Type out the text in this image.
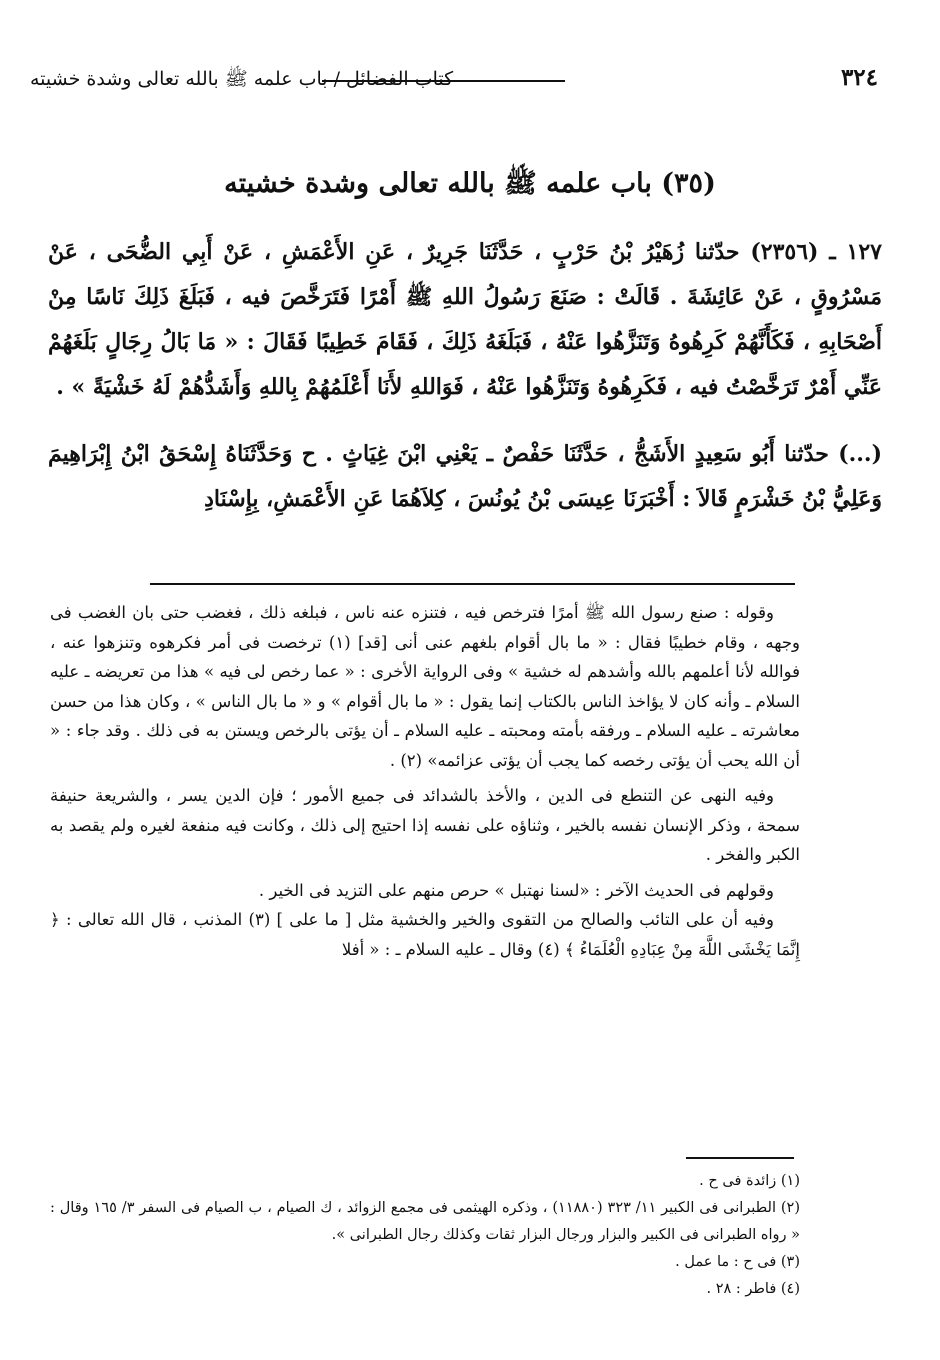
٣٢٤
كتاب الفضائل / باب علمه ﷺ بالله تعالى وشدة خشيته
(٣٥) باب علمه ﷺ بالله تعالى وشدة خشيته

١٢٧ ـ (٢٣٥٦) حدّثنا زُهَيْرُ بْنُ حَرْبٍ ، حَدَّثَنَا جَرِيرٌ ، عَنِ الأَعْمَشِ ، عَنْ أَبِي الضُّحَى ، عَنْ مَسْرُوقٍ ، عَنْ عَائِشَةَ . قَالَتْ : صَنَعَ رَسُولُ اللهِ ﷺ أَمْرًا فَتَرَخَّصَ فيه ، فَبَلَغَ ذَلِكَ نَاسًا مِنْ أَصْحَابِهِ ، فَكَأَنَّهُمْ كَرِهُوهُ وَتَنَزَّهُوا عَنْهُ ، فَبَلَغَهُ ذَلِكَ ، فَقَامَ خَطِيبًا فَقَالَ : « مَا بَالُ رِجَالٍ بَلَغَهُمْ عَنِّي أَمْرٌ تَرَخَّصْتُ فيه ، فَكَرِهُوهُ وَتَنَزَّهُوا عَنْهُ ، فَوَاللهِ لأَنَا أَعْلَمُهُمْ بِاللهِ وَأَشَدُّهُمْ لَهُ خَشْيَةً » .

(...) حدّثنا أَبُو سَعِيدٍ الأَشَجُّ ، حَدَّثَنَا حَفْصٌ ـ يَعْنِي ابْنَ غِيَاثٍ . ح وَحَدَّثَنَاهُ إِسْحَقُ ابْنُ إِبْرَاهِيمَ وَعَلِيُّ بْنُ خَشْرَمٍ قَالاَ : أَخْبَرَنَا عِيسَى بْنُ يُونُسَ ، كِلاَهُمَا عَنِ الأَعْمَشِ، بِإِسْنَادِ

وقوله : صنع رسول الله ﷺ أمرًا فترخص فيه ، فتنزه عنه ناس ، فبلغه ذلك ، فغضب حتى بان الغضب فى وجهه ، وقام خطيبًا فقال : « ما بال أقوام بلغهم عنى أنى [قد] (١) ترخصت فى أمر فكرهوه وتنزهوا عنه ، فوالله لأنا أعلمهم بالله وأشدهم له خشية » وفى الرواية الأخرى : « عما رخص لى فيه » هذا من تعريضه ـ عليه السلام ـ وأنه كان لا يؤاخذ الناس بالكتاب إنما يقول : « ما بال أقوام » و « ما بال الناس » ، وكان هذا من حسن معاشرته ـ عليه السلام ـ ورفقه بأمته ومحبته ـ عليه السلام ـ أن يؤتى بالرخص ويستن به فى ذلك . وقد جاء : « أن الله يحب أن يؤتى رخصه كما يجب أن يؤتى عزائمه» (٢) .

وفيه النهى عن التنطع فى الدين ، والأخذ بالشدائد فى جميع الأمور ؛ فإن الدين يسر ، والشريعة حنيفة سمحة ، وذكر الإنسان نفسه بالخير ، وثناؤه على نفسه إذا احتيج إلى ذلك ، وكانت فيه منفعة لغيره ولم يقصد به الكبر والفخر .

وقولهم فى الحديث الآخر : «لسنا نهتبل » حرص منهم على التزيد فى الخير .

وفيه أن على التائب والصالح من التقوى والخير والخشية مثل [ ما على ] (٣) المذنب ، قال الله تعالى : ﴿ إِنَّمَا يَخْشَى اللَّهَ مِنْ عِبَادِهِ الْعُلَمَاءُ ﴾ (٤) وقال ـ عليه السلام ـ : « أفلا

(١) زائدة فى ح .

(٢) الطبرانى فى الكبير ١١/ ٣٢٣ (١١٨٨٠) ، وذكره الهيثمى فى مجمع الزوائد ، ك الصيام ، ب الصيام فى السفر ٣/ ١٦٥ وقال : « رواه الطبرانى فى الكبير والبزار ورجال البزار ثقات وكذلك رجال الطبرانى ».

(٣) فى ح : ما عمل .

(٤) فاطر : ٢٨ .
